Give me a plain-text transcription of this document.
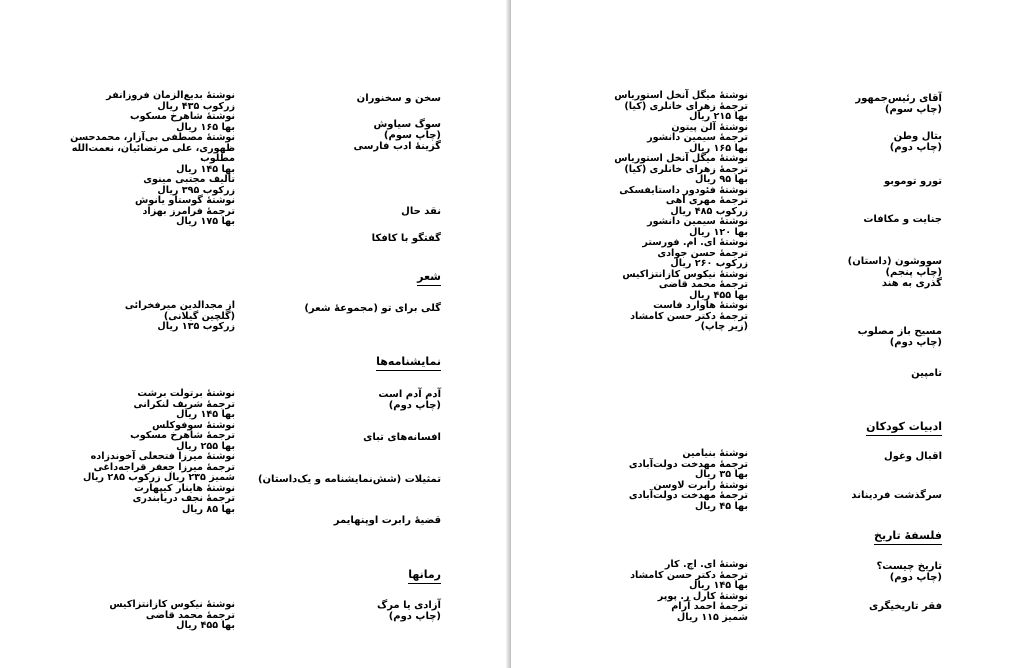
سخن و سخنوران
سوگ سیاوش
(چاپ سوم)
گزینهٔ ادب فارسی
نقد حال
گفتگو با کافکا
شعر
گلی برای تو (مجموعهٔ شعر)
نمایشنامه‌ها
آدم آدم است
(چاپ دوم)
افسانه‌های تبای
تمثیلات (شش‌نمایشنامه و یک‌داستان)
قضیهٔ رابرت اوپنهایمر
رمانها
آزادی یا مرگ
(چاپ دوم)
نوشتهٔ بدیع‌الزمان فروزانفر
زرکوب ۴۳۵ ریال
نوشتهٔ شاهرخ مسکوب
بها ۱۶۵ ریال
نوشتهٔ مصطفی بی‌آزار، محمدحسن
ظهوری، علی مرتضائیان، نعمت‌الله
مطلوب
بها ۱۴۵ ریال
تألیف مجتبی مینوی
زرکوب ۳۹۵ ریال
نوشتهٔ گوستاو یانوش
ترجمهٔ فرامرز بهزاد
بها ۱۷۵ ریال
از مجدالدین میرفخرائی
(گلچین گیلانی)
زرکوب ۱۳۵ ریال
نوشتهٔ برتولت برشت
ترجمهٔ شریف لنکرانی
بها ۱۴۵ ریال
نوشتهٔ سوفوکلس
ترجمهٔ شاهرخ مسکوب
بها ۲۵۵ ریال
نوشتهٔ میرزا فتحعلی آخوندزاده
ترجمهٔ میرزا جعفر قراجه‌داغی
شمیز ۲۳۵ ریال زرکوب ۲۸۵ ریال
نوشتهٔ هاینار کیپهارت
ترجمهٔ نجف دریابندری
بها ۸۵ ریال
نوشتهٔ نیکوس کازانتزاکیس
ترجمهٔ محمد قاضی
بها ۴۵۵ ریال
آقای رئیس‌جمهور
(چاپ سوم)
بتال وطن
(چاپ دوم)
تورو توموبو
جنایت و مکافات
سووشون (داستان)
(چاپ پنجم)
گذری به هند
مسیح باز مصلوب
(چاپ دوم)
تامپین
ادبیات کودکان
اقبال وغول
سرگذشت فردیناند
فلسفهٔ تاریخ
تاریخ چیست؟
(چاپ دوم)
فقر تاریخیگری
نوشتهٔ میگل آنخل استوریاس
ترجمهٔ زهرای خانلری (کیا)
بها ۲۱۵ ریال
نوشتهٔ آلن پیتون
ترجمهٔ سیمین دانشور
بها ۱۶۵ ریال
نوشتهٔ میگل آنخل استوریاس
ترجمهٔ زهرای خانلری (کیا)
بها ۹۵ ریال
نوشتهٔ فئودور داستایفسکی
ترجمهٔ مهری آهی
زرکوب ۴۸۵ ریال
نوشتهٔ سیمین دانشور
بها ۱۲۰ ریال
نوشتهٔ ای. ام. فورستر
ترجمهٔ حسن جوادی
زرکوب ۲۶۰ ریال
نوشتهٔ نیکوس کازانتزاکیس
ترجمهٔ محمد قاضی
بها ۴۵۵ ریال
نوشتهٔ هاوارد فاست
ترجمهٔ دکتر حسن کامشاد
(زیر چاپ)
نوشتهٔ بنیامین
ترجمهٔ مهدخت دولت‌آبادی
بها ۳۵ ریال
نوشتهٔ رابرت لاوسن
ترجمهٔ مهدخت دولت‌آبادی
بها ۴۵ ریال
نوشتهٔ ای. اچ. کار
ترجمهٔ دکتر حسن کامشاد
بها ۱۴۵ ریال
نوشتهٔ کارل ر. پوپر
ترجمهٔ احمد آرام
شمیز ۱۱۵ ریال
